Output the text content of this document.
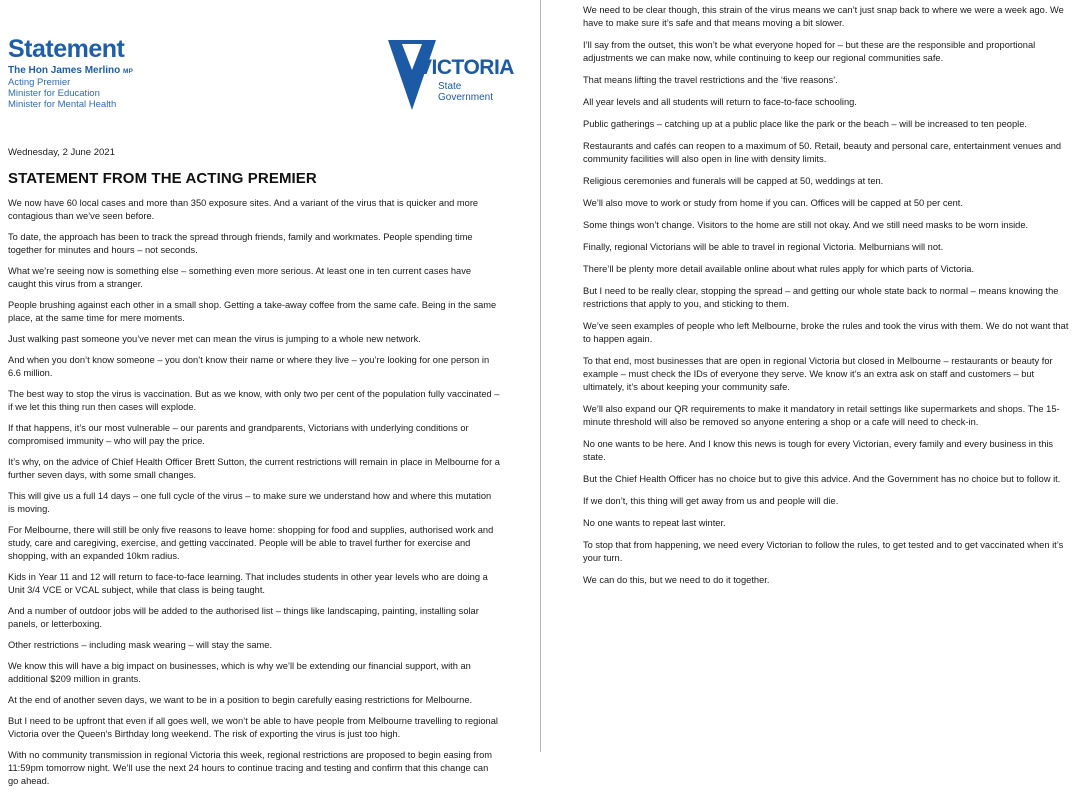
Statement
The Hon James Merlino MP
Acting Premier
Minister for Education
Minister for Mental Health
VICTORIA
State
Government
Wednesday, 2 June 2021
STATEMENT FROM THE ACTING PREMIER

We now have 60 local cases and more than 350 exposure sites. And a variant of the virus that is quicker and more contagious than we’ve seen before.

To date, the approach has been to track the spread through friends, family and workmates. People spending time together for minutes and hours – not seconds.

What we’re seeing now is something else – something even more serious. At least one in ten current cases have caught this virus from a stranger.

People brushing against each other in a small shop. Getting a take-away coffee from the same cafe. Being in the same place, at the same time for mere moments.

Just walking past someone you’ve never met can mean the virus is jumping to a whole new network.

And when you don’t know someone – you don’t know their name or where they live – you’re looking for one person in 6.6 million.

The best way to stop the virus is vaccination. But as we know, with only two per cent of the population fully vaccinated – if we let this thing run then cases will explode.

If that happens, it’s our most vulnerable – our parents and grandparents, Victorians with underlying conditions or compromised immunity – who will pay the price.

It’s why, on the advice of Chief Health Officer Brett Sutton, the current restrictions will remain in place in Melbourne for a further seven days, with some small changes.

This will give us a full 14 days – one full cycle of the virus – to make sure we understand how and where this mutation is moving.

For Melbourne, there will still be only five reasons to leave home: shopping for food and supplies, authorised work and study, care and caregiving, exercise, and getting vaccinated. People will be able to travel further for exercise and shopping, with an expanded 10km radius.

Kids in Year 11 and 12 will return to face-to-face learning. That includes students in other year levels who are doing a Unit 3/4 VCE or VCAL subject, while that class is being taught.

And a number of outdoor jobs will be added to the authorised list – things like landscaping, painting, installing solar panels, or letterboxing.

Other restrictions – including mask wearing – will stay the same.

We know this will have a big impact on businesses, which is why we’ll be extending our financial support, with an additional $209 million in grants.

At the end of another seven days, we want to be in a position to begin carefully easing restrictions for Melbourne.

But I need to be upfront that even if all goes well, we won’t be able to have people from Melbourne travelling to regional Victoria over the Queen’s Birthday long weekend. The risk of exporting the virus is just too high.

With no community transmission in regional Victoria this week, regional restrictions are proposed to begin easing from 11:59pm tomorrow night. We’ll use the next 24 hours to continue tracing and testing and confirm that this change can go ahead.

We need to be clear though, this strain of the virus means we can’t just snap back to where we were a week ago. We have to make sure it’s safe and that means moving a bit slower.

I’ll say from the outset, this won’t be what everyone hoped for – but these are the responsible and proportional adjustments we can make now, while continuing to keep our regional communities safe.

That means lifting the travel restrictions and the ‘five reasons’.

All year levels and all students will return to face-to-face schooling.

Public gatherings – catching up at a public place like the park or the beach – will be increased to ten people.

Restaurants and cafés can reopen to a maximum of 50. Retail, beauty and personal care, entertainment venues and community facilities will also open in line with density limits.

Religious ceremonies and funerals will be capped at 50, weddings at ten.

We’ll also move to work or study from home if you can. Offices will be capped at 50 per cent.

Some things won’t change. Visitors to the home are still not okay. And we still need masks to be worn inside.

Finally, regional Victorians will be able to travel in regional Victoria. Melburnians will not.

There’ll be plenty more detail available online about what rules apply for which parts of Victoria.

But I need to be really clear, stopping the spread – and getting our whole state back to normal – means knowing the restrictions that apply to you, and sticking to them.

We’ve seen examples of people who left Melbourne, broke the rules and took the virus with them. We do not want that to happen again.

To that end, most businesses that are open in regional Victoria but closed in Melbourne – restaurants or beauty for example – must check the IDs of everyone they serve. We know it’s an extra ask on staff and customers – but ultimately, it’s about keeping your community safe.

We’ll also expand our QR requirements to make it mandatory in retail settings like supermarkets and shops. The 15-minute threshold will also be removed so anyone entering a shop or a cafe will need to check-in.

No one wants to be here. And I know this news is tough for every Victorian, every family and every business in this state.

But the Chief Health Officer has no choice but to give this advice. And the Government has no choice but to follow it.

If we don’t, this thing will get away from us and people will die.

No one wants to repeat last winter.

To stop that from happening, we need every Victorian to follow the rules, to get tested and to get vaccinated when it’s your turn.

We can do this, but we need to do it together.
